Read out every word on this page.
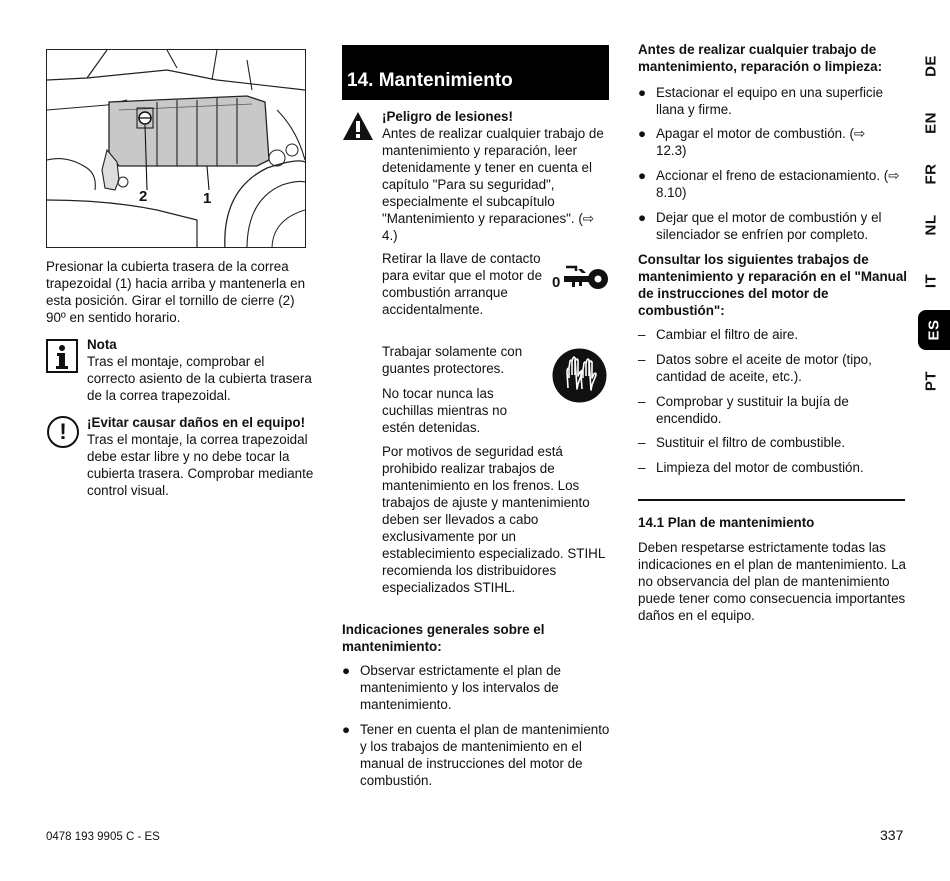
2	1

Presionar la cubierta trasera de la correa trapezoidal (1) hacia arriba y mantenerla en esta posición. Girar el tornillo de cierre (2) 90º en sentido horario.

Nota

Tras el montaje, comprobar el correcto asiento de la cubierta trasera de la correa trapezoidal.

!	¡Evitar causar daños en el equipo! Tras el montaje, la correa trapezoidal debe estar libre y no debe tocar la cubierta trasera. Comprobar mediante control visual.

14. Mantenimiento

¡Peligro de lesiones!

Antes de realizar cualquier trabajo de mantenimiento y reparación, leer detenidamente y tener en cuenta el capítulo "Para su seguridad", especialmente el subcapítulo "Mantenimiento y reparaciones". (⇨ 4.)

Retirar la llave de contacto para evitar que el motor de combustión arranque accidentalmente.

0

Trabajar solamente con guantes protectores.

No tocar nunca las cuchillas mientras no estén detenidas.

Por motivos de seguridad está prohibido realizar trabajos de mantenimiento en los frenos. Los trabajos de ajuste y mantenimiento deben ser llevados a cabo exclusivamente por un establecimiento especializado. STIHL recomienda los distribuidores especializados STIHL.

Indicaciones generales sobre el mantenimiento:

● Observar estrictamente el plan de mantenimiento y los intervalos de mantenimiento.

● Tener en cuenta el plan de mantenimiento y los trabajos de mantenimiento en el manual de instrucciones del motor de combustión.

Antes de realizar cualquier trabajo de mantenimiento, reparación o limpieza:

● Estacionar el equipo en una superficie llana y firme.

● Apagar el motor de combustión. (⇨ 12.3)

● Accionar el freno de estacionamiento. (⇨ 8.10)

● Dejar que el motor de combustión y el silenciador se enfríen por completo.

Consultar los siguientes trabajos de mantenimiento y reparación en el "Manual de instrucciones del motor de combustión":

– Cambiar el filtro de aire.

– Datos sobre el aceite de motor (tipo, cantidad de aceite, etc.).

– Comprobar y sustituir la bujía de encendido.

– Sustituir el filtro de combustible.

– Limpieza del motor de combustión.

14.1 Plan de mantenimiento

Deben respetarse estrictamente todas las indicaciones en el plan de mantenimiento. La no observancia del plan de mantenimiento puede tener como consecuencia importantes daños en el equipo.

DE
EN
FR
NL
IT
ES
PT
0478 193 9905 C - ES	337
